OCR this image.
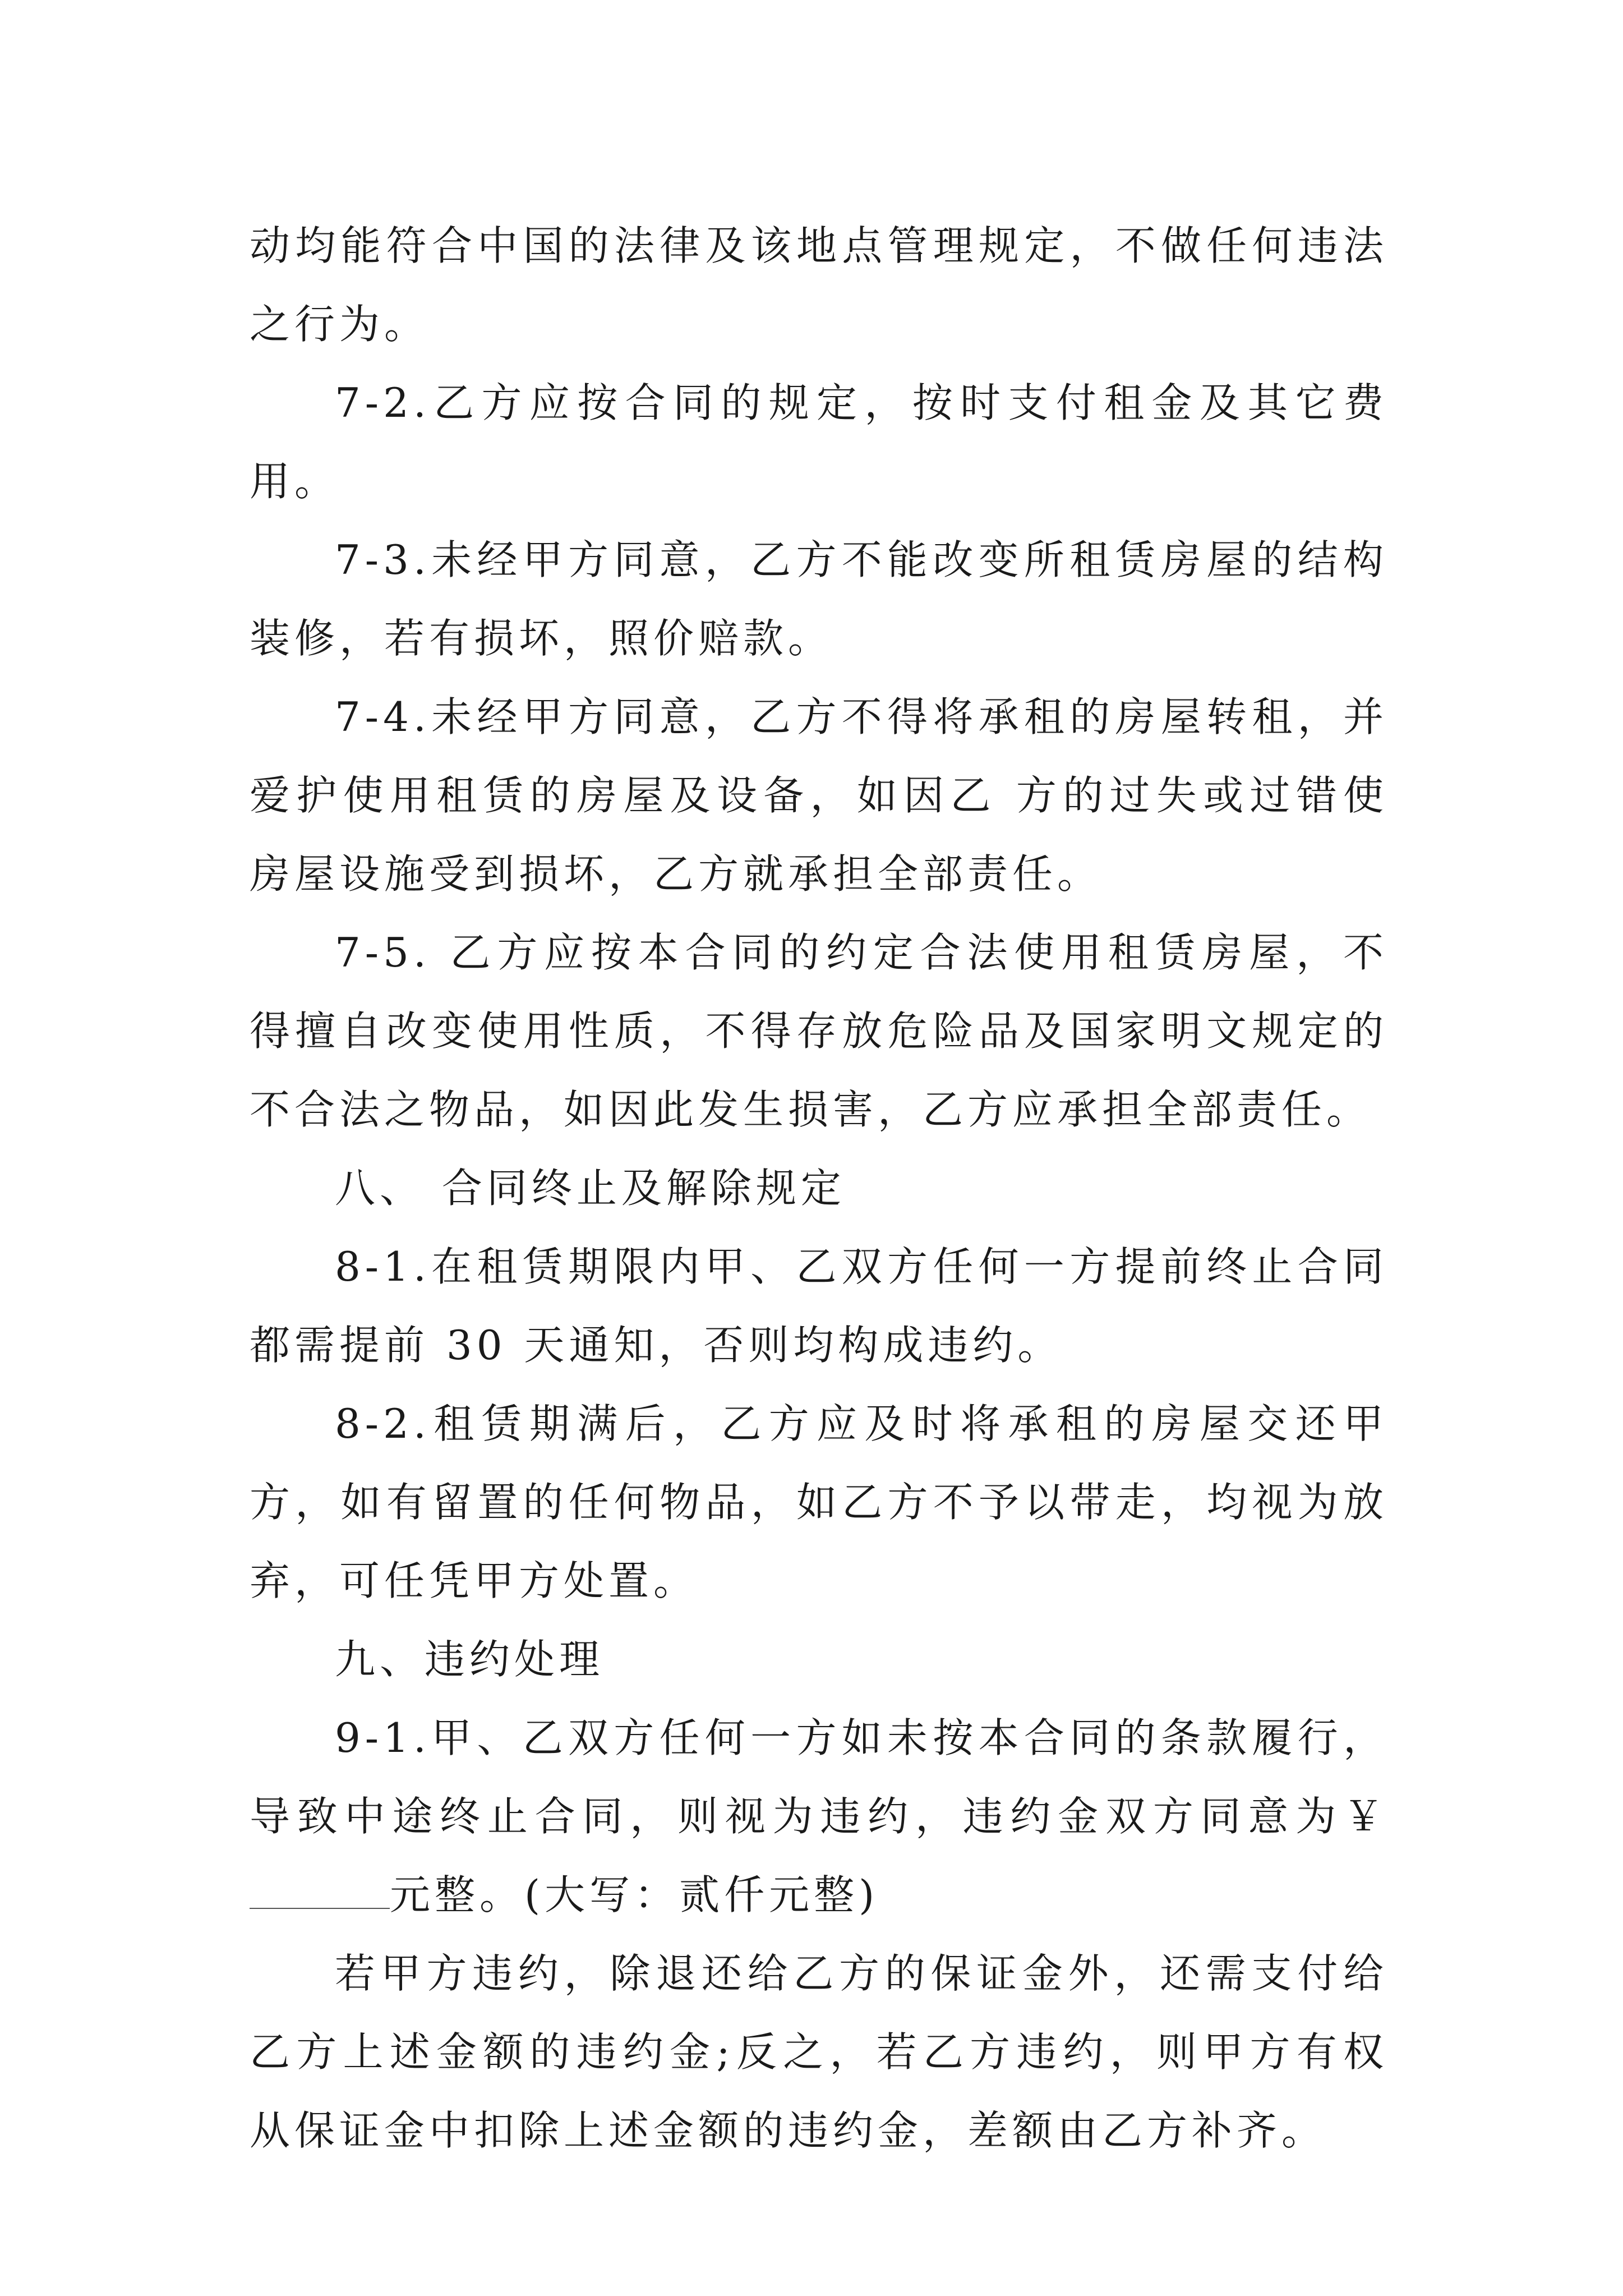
动均能符合中国的法律及该地点管理规定，不做任何违法之行为。

7-2.乙方应按合同的规定，按时支付租金及其它费用。

7-3.未经甲方同意，乙方不能改变所租赁房屋的结构装修，若有损坏，照价赔款。

7-4.未经甲方同意，乙方不得将承租的房屋转租，并爱护使用租赁的房屋及设备，如因乙 方的过失或过错使房屋设施受到损坏，乙方就承担全部责任。

7-5. 乙方应按本合同的约定合法使用租赁房屋，不得擅自改变使用性质，不得存放危险品及国家明文规定的不合法之物品，如因此发生损害，乙方应承担全部责任。

八、 合同终止及解除规定

8-1.在租赁期限内甲、乙双方任何一方提前终止合同都需提前 30 天通知，否则均构成违约。

8-2.租赁期满后，乙方应及时将承租的房屋交还甲方，如有留置的任何物品，如乙方不予以带走，均视为放弃，可任凭甲方处置。

九、违约处理

9-1.甲、乙双方任何一方如未按本合同的条款履行，导致中途终止合同，则视为违约，违约金双方同意为￥元整。(大写：贰仟元整)

若甲方违约，除退还给乙方的保证金外，还需支付给乙方上述金额的违约金;反之，若乙方违约，则甲方有权从保证金中扣除上述金额的违约金，差额由乙方补齐。
